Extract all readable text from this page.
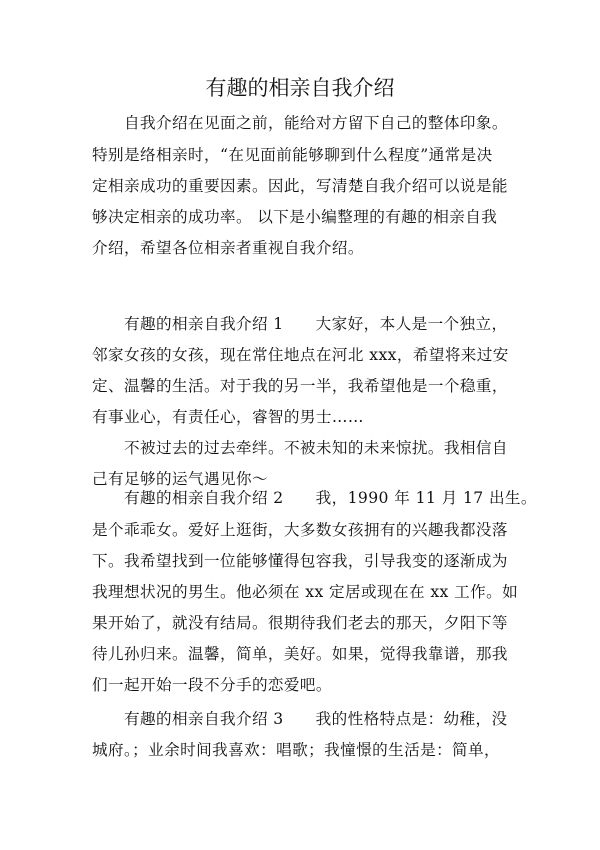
有趣的相亲自我介绍
自我介绍在见面之前，能给对方留下自己的整体印象。
特别是络相亲时，“在见面前能够聊到什么程度”通常是决
定相亲成功的重要因素。因此，写清楚自我介绍可以说是能
够决定相亲的成功率。 以下是小编整理的有趣的相亲自我
介绍，希望各位相亲者重视自我介绍。
有趣的相亲自我介绍 1　　大家好，本人是一个独立，
邻家女孩的女孩，现在常住地点在河北 xxx，希望将来过安
定、温馨的生活。对于我的另一半，我希望他是一个稳重，
有事业心，有责任心，睿智的男士……
不被过去的过去牵绊。不被未知的未来惊扰。我相信自
己有足够的运气遇见你～
有趣的相亲自我介绍 2　　我，1990 年 11 月 17 出生。
是个乖乖女。爱好上逛街，大多数女孩拥有的兴趣我都没落
下。我希望找到一位能够懂得包容我，引导我变的逐渐成为
我理想状况的男生。他必须在 xx 定居或现在在 xx 工作。如
果开始了，就没有结局。很期待我们老去的那天，夕阳下等
待儿孙归来。温馨，简单，美好。如果，觉得我靠谱，那我
们一起开始一段不分手的恋爱吧。
有趣的相亲自我介绍 3　　我的性格特点是：幼稚，没
城府。；业余时间我喜欢：唱歌；我憧憬的生活是：简单，
